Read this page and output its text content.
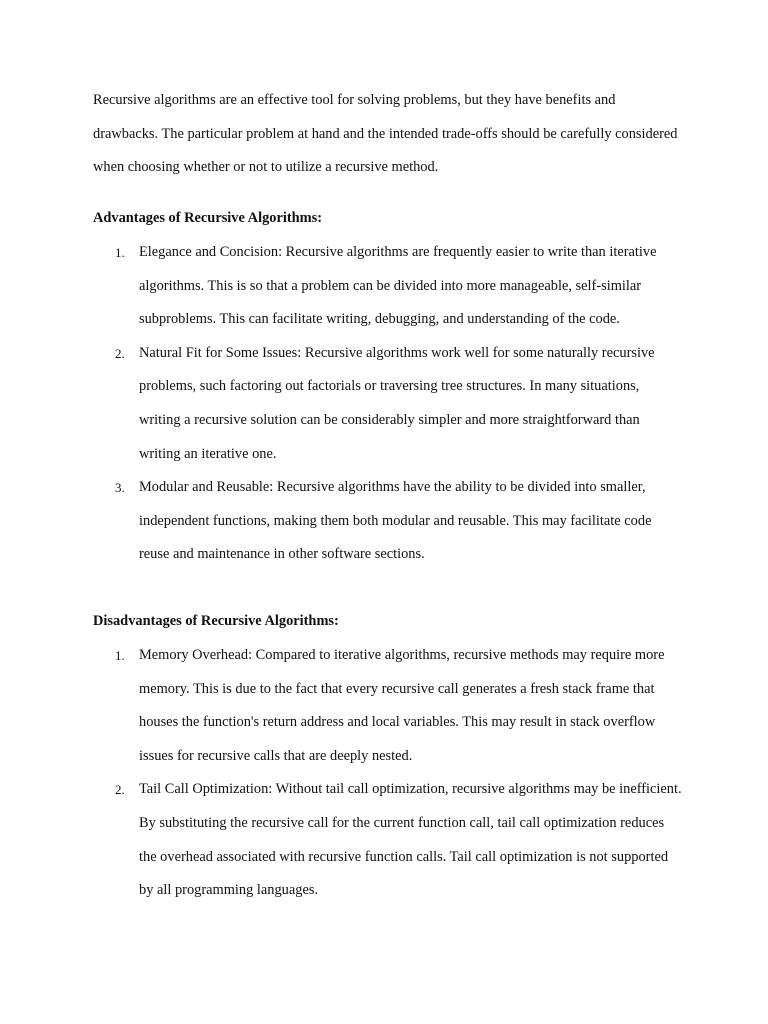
Recursive algorithms are an effective tool for solving problems, but they have benefits and drawbacks. The particular problem at hand and the intended trade-offs should be carefully considered when choosing whether or not to utilize a recursive method.

Advantages of Recursive Algorithms:

1. Elegance and Concision: Recursive algorithms are frequently easier to write than iterative algorithms. This is so that a problem can be divided into more manageable, self-similar subproblems. This can facilitate writing, debugging, and understanding of the code.
2. Natural Fit for Some Issues: Recursive algorithms work well for some naturally recursive problems, such factoring out factorials or traversing tree structures. In many situations, writing a recursive solution can be considerably simpler and more straightforward than writing an iterative one.
3. Modular and Reusable: Recursive algorithms have the ability to be divided into smaller, independent functions, making them both modular and reusable. This may facilitate code reuse and maintenance in other software sections.

Disadvantages of Recursive Algorithms:

1. Memory Overhead: Compared to iterative algorithms, recursive methods may require more memory. This is due to the fact that every recursive call generates a fresh stack frame that houses the function's return address and local variables. This may result in stack overflow issues for recursive calls that are deeply nested.
2. Tail Call Optimization: Without tail call optimization, recursive algorithms may be inefficient. By substituting the recursive call for the current function call, tail call optimization reduces the overhead associated with recursive function calls. Tail call optimization is not supported by all programming languages.
